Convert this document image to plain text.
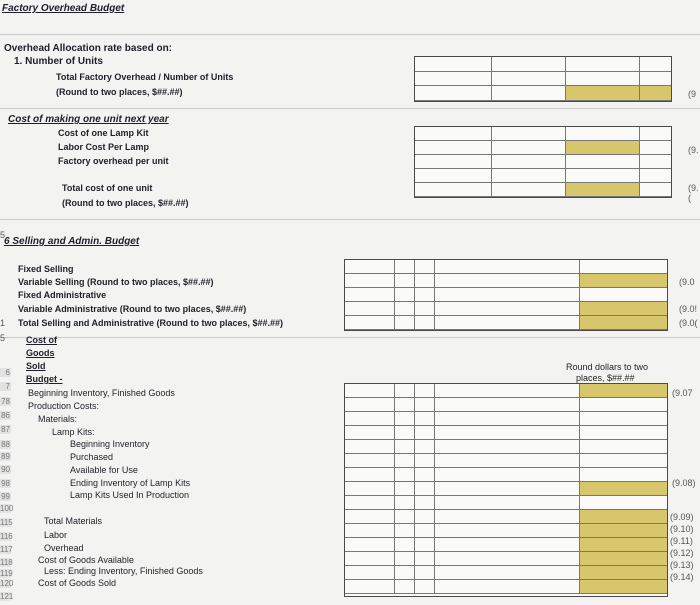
Factory Overhead Budget
Overhead Allocation rate based on:
1. Number of Units
Total Factory Overhead / Number of Units
(Round to two places, $##.##)	(9
Cost of making one unit next year
Cost of one Lamp Kit
Labor Cost Per Lamp
Factory overhead per unit
(9.
Total cost of one unit
(Round to two places, $##.##)
(9.(
6 Selling and Admin. Budget
Fixed Selling
Variable Selling (Round to two places, $##.##)
Fixed Administrative
Variable Administrative (Round to two places, $##.##)
Total Selling and Administrative (Round to two places, $##.##)
(9.0
(9.0!
(9.0(
5
1
5
6
7
78
86
87
88
89
90
98
99
100
115
116
117
118
119
120
121
Cost of
Goods
Sold
Budget -
Round dollars to two
places, $##.##
Beginning Inventory, Finished Goods
Production Costs:
Materials:
Lamp Kits:
Beginning Inventory
Purchased
Available for Use
Ending Inventory of Lamp Kits
Lamp Kits Used In Production
Total Materials
Labor
Overhead
Cost of Goods Available
Less: Ending Inventory, Finished Goods
Cost of Goods Sold
(9.07
(9.08)
(9.09)
(9.10)
(9.11)
(9.12)
(9.13)
(9.14)
